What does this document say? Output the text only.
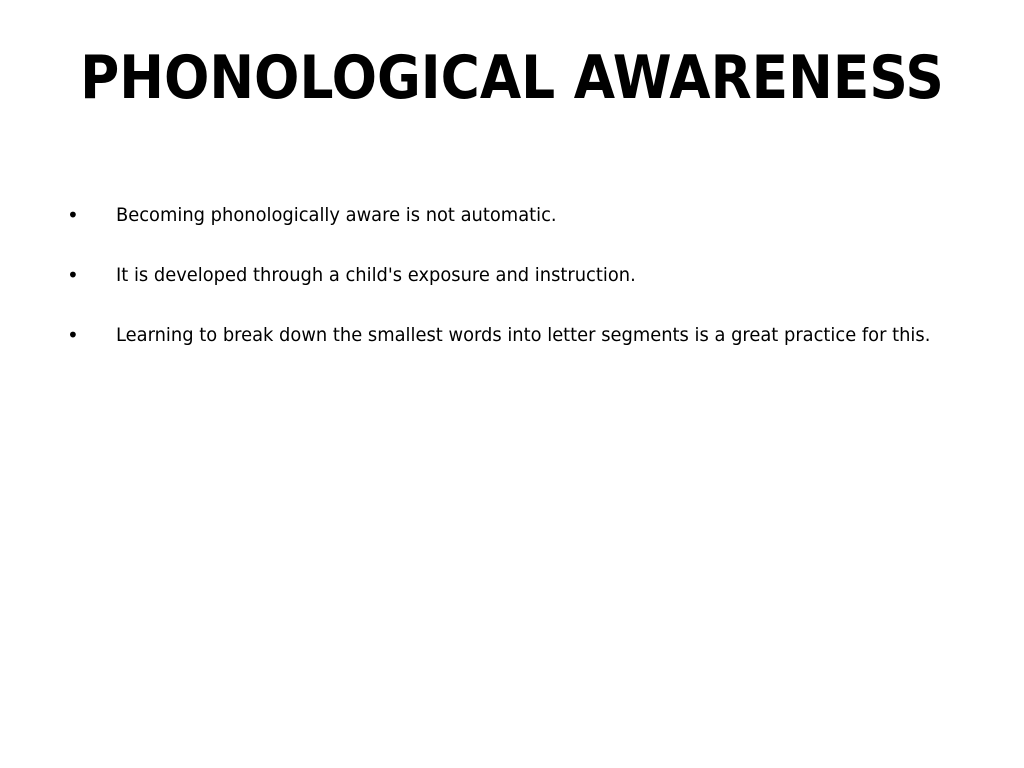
PHONOLOGICAL AWARENESS
• Becoming phonologically aware is not automatic.
• It is developed through a child's exposure and instruction.
• Learning to break down the smallest words into letter segments is a great practice for this.
